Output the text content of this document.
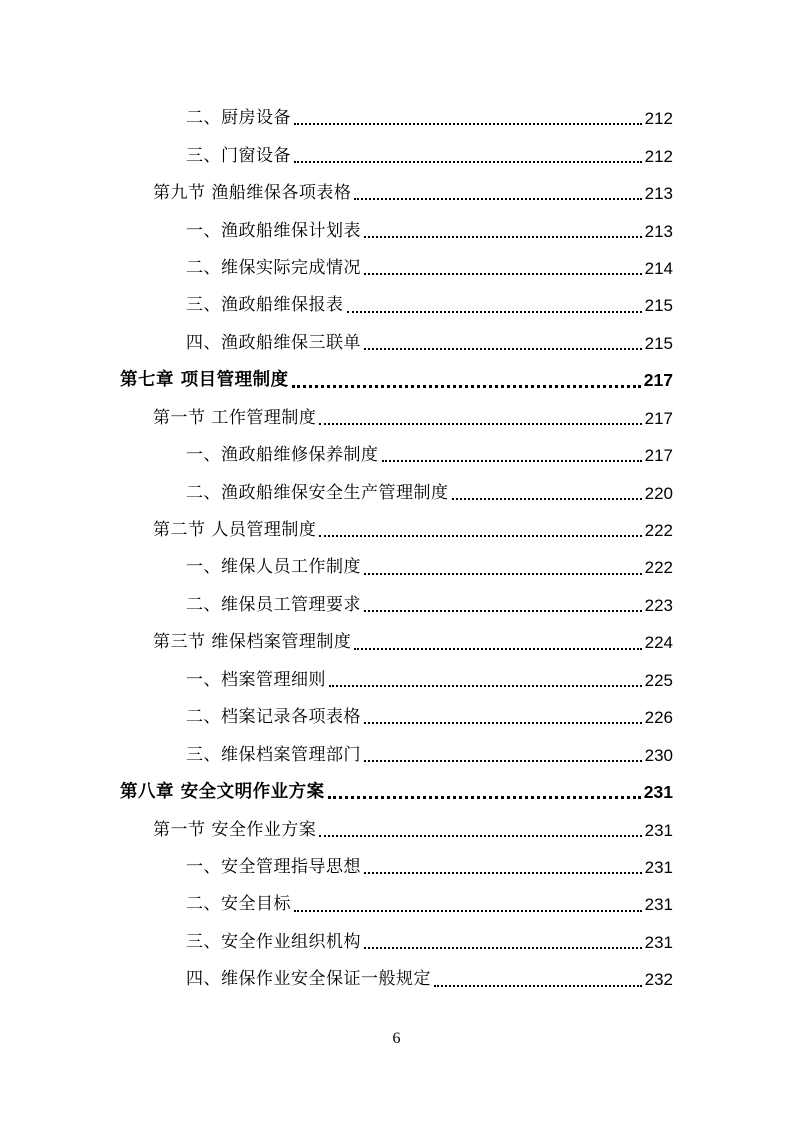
二、厨房设备	212
三、门窗设备	212
第九节 渔船维保各项表格	213
一、渔政船维保计划表	213
二、维保实际完成情况	214
三、渔政船维保报表	215
四、渔政船维保三联单	215
第七章 项目管理制度	217
第一节 工作管理制度	217
一、渔政船维修保养制度	217
二、渔政船维保安全生产管理制度	220
第二节 人员管理制度	222
一、维保人员工作制度	222
二、维保员工管理要求	223
第三节 维保档案管理制度	224
一、档案管理细则	225
二、档案记录各项表格	226
三、维保档案管理部门	230
第八章 安全文明作业方案	231
第一节 安全作业方案	231
一、安全管理指导思想	231
二、安全目标	231
三、安全作业组织机构	231
四、维保作业安全保证一般规定	232
6
